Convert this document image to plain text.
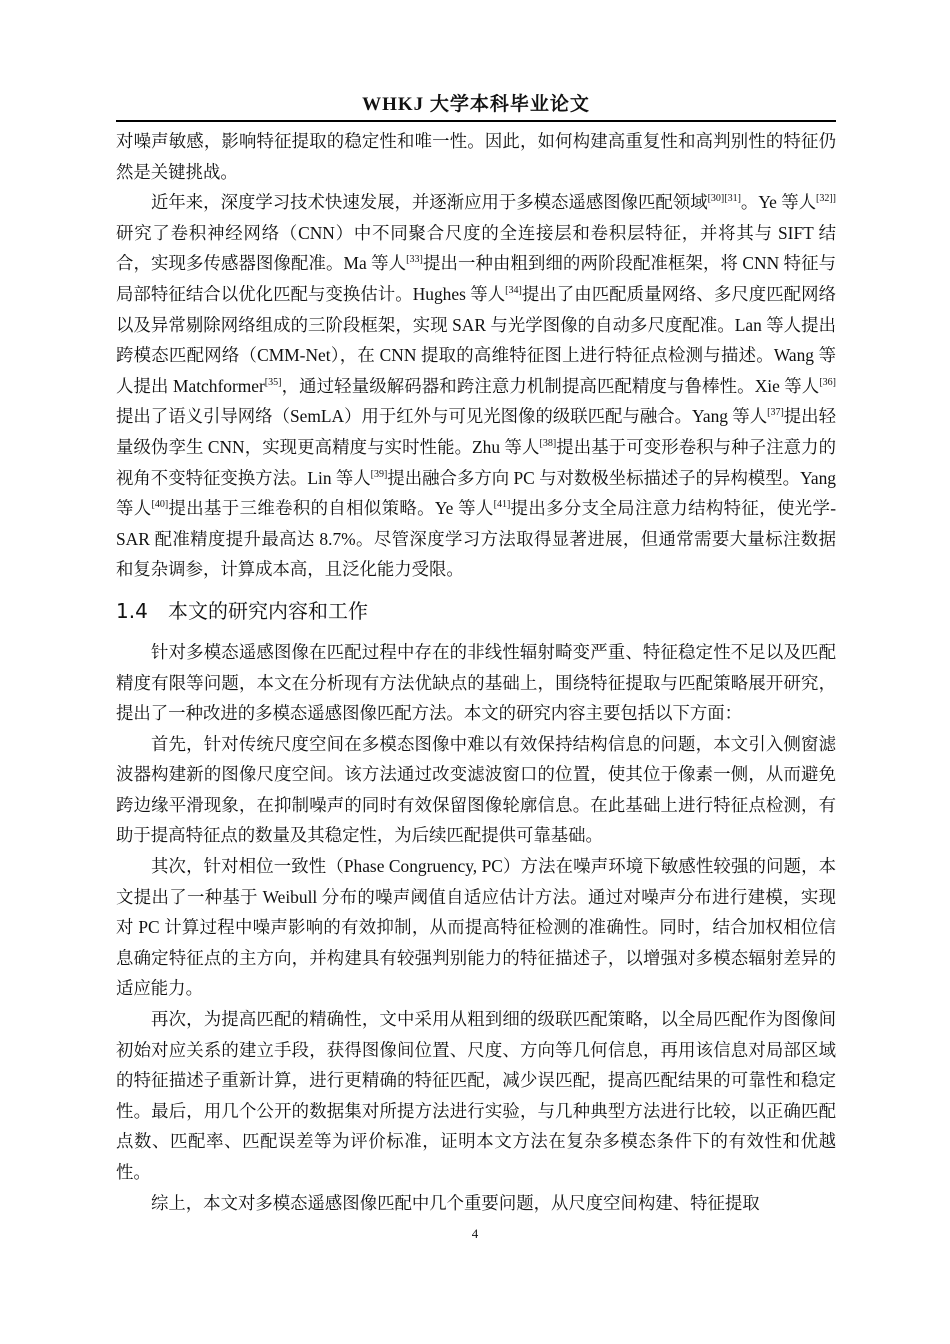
WHKJ 大学本科毕业论文

对噪声敏感，影响特征提取的稳定性和唯一性。因此，如何构建高重复性和高判别性的特征仍然是关键挑战。

近年来，深度学习技术快速发展，并逐渐应用于多模态遥感图像匹配领域[30][31]。Ye 等人[32]]研究了卷积神经网络（CNN）中不同聚合尺度的全连接层和卷积层特征，并将其与 SIFT 结合，实现多传感器图像配准。Ma 等人[33]提出一种由粗到细的两阶段配准框架，将 CNN 特征与局部特征结合以优化匹配与变换估计。Hughes 等人[34]提出了由匹配质量网络、多尺度匹配网络以及异常剔除网络组成的三阶段框架，实现 SAR 与光学图像的自动多尺度配准。Lan 等人提出跨模态匹配网络（CMM-Net），在 CNN 提取的高维特征图上进行特征点检测与描述。Wang 等人提出 Matchformer[35]，通过轻量级解码器和跨注意力机制提高匹配精度与鲁棒性。Xie 等人[36]提出了语义引导网络（SemLA）用于红外与可见光图像的级联匹配与融合。Yang 等人[37]提出轻量级伪孪生 CNN，实现更高精度与实时性能。Zhu 等人[38]提出基于可变形卷积与种子注意力的视角不变特征变换方法。Lin 等人[39]提出融合多方向 PC 与对数极坐标描述子的异构模型。Yang 等人[40]提出基于三维卷积的自相似策略。Ye 等人[41]提出多分支全局注意力结构特征，使光学-SAR 配准精度提升最高达 8.7%。尽管深度学习方法取得显著进展，但通常需要大量标注数据和复杂调参，计算成本高，且泛化能力受限。

1.4 本文的研究内容和工作

针对多模态遥感图像在匹配过程中存在的非线性辐射畸变严重、特征稳定性不足以及匹配精度有限等问题，本文在分析现有方法优缺点的基础上，围绕特征提取与匹配策略展开研究，提出了一种改进的多模态遥感图像匹配方法。本文的研究内容主要包括以下方面：

首先，针对传统尺度空间在多模态图像中难以有效保持结构信息的问题，本文引入侧窗滤波器构建新的图像尺度空间。该方法通过改变滤波窗口的位置，使其位于像素一侧，从而避免跨边缘平滑现象，在抑制噪声的同时有效保留图像轮廓信息。在此基础上进行特征点检测，有助于提高特征点的数量及其稳定性，为后续匹配提供可靠基础。

其次，针对相位一致性（Phase Congruency, PC）方法在噪声环境下敏感性较强的问题，本文提出了一种基于 Weibull 分布的噪声阈值自适应估计方法。通过对噪声分布进行建模，实现对 PC 计算过程中噪声影响的有效抑制，从而提高特征检测的准确性。同时，结合加权相位信息确定特征点的主方向，并构建具有较强判别能力的特征描述子，以增强对多模态辐射差异的适应能力。

再次，为提高匹配的精确性，文中采用从粗到细的级联匹配策略，以全局匹配作为图像间初始对应关系的建立手段，获得图像间位置、尺度、方向等几何信息，再用该信息对局部区域的特征描述子重新计算，进行更精确的特征匹配，减少误匹配，提高匹配结果的可靠性和稳定性。最后，用几个公开的数据集对所提方法进行实验，与几种典型方法进行比较，以正确匹配点数、匹配率、匹配误差等为评价标准，证明本文方法在复杂多模态条件下的有效性和优越性。

综上，本文对多模态遥感图像匹配中几个重要问题，从尺度空间构建、特征提取

4
